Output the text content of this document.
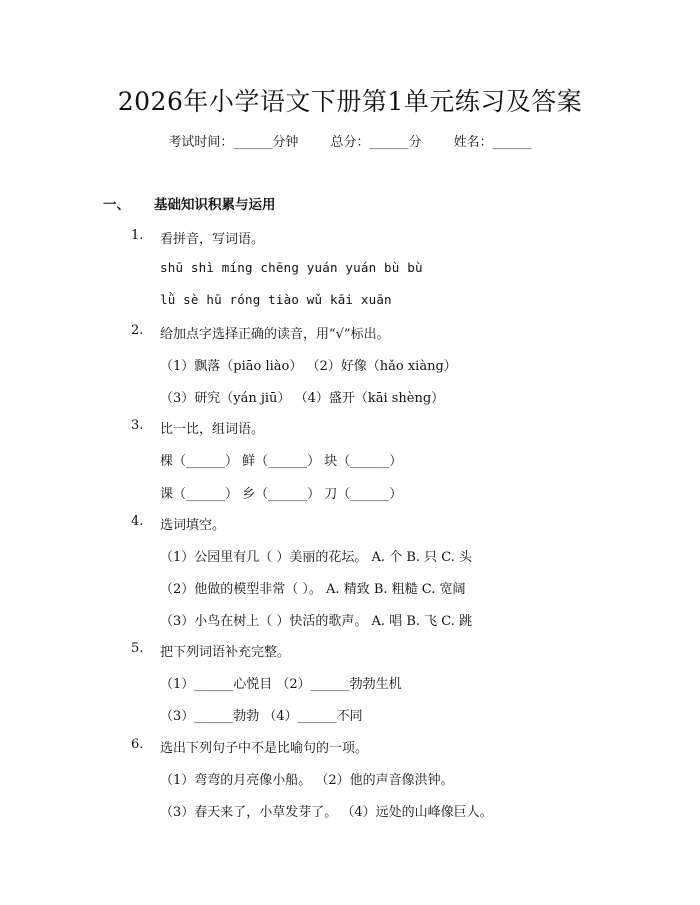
2026年小学语文下册第1单元练习及答案
考试时间：______分钟 总分：______分 姓名：______
一、 基础知识积累与运用
1. 看拼音，写词语。
shū shì míng chēng yuán yuán bù bù
lǜ sè hū róng tiào wǔ kāi xuān
2. 给加点字选择正确的读音，用“√”标出。
（1）飘落（piāo liào） （2）好像（hǎo xiàng）
（3）研究（yán jiū） （4）盛开（kāi shèng）
3. 比一比，组词语。
棵（______） 鲜（______） 块（______）
课（______） 乡（______） 刀（______）
4. 选词填空。
（1）公园里有几（ ）美丽的花坛。 A. 个 B. 只 C. 头
（2）他做的模型非常（ ）。 A. 精致 B. 粗糙 C. 宽阔
（3）小鸟在树上（ ）快活的歌声。 A. 唱 B. 飞 C. 跳
5. 把下列词语补充完整。
（1）______心悦目 （2）______勃勃生机
（3）______勃勃 （4）______不同
6. 选出下列句子中不是比喻句的一项。
（1）弯弯的月亮像小船。 （2）他的声音像洪钟。
（3）春天来了，小草发芽了。 （4）远处的山峰像巨人。
